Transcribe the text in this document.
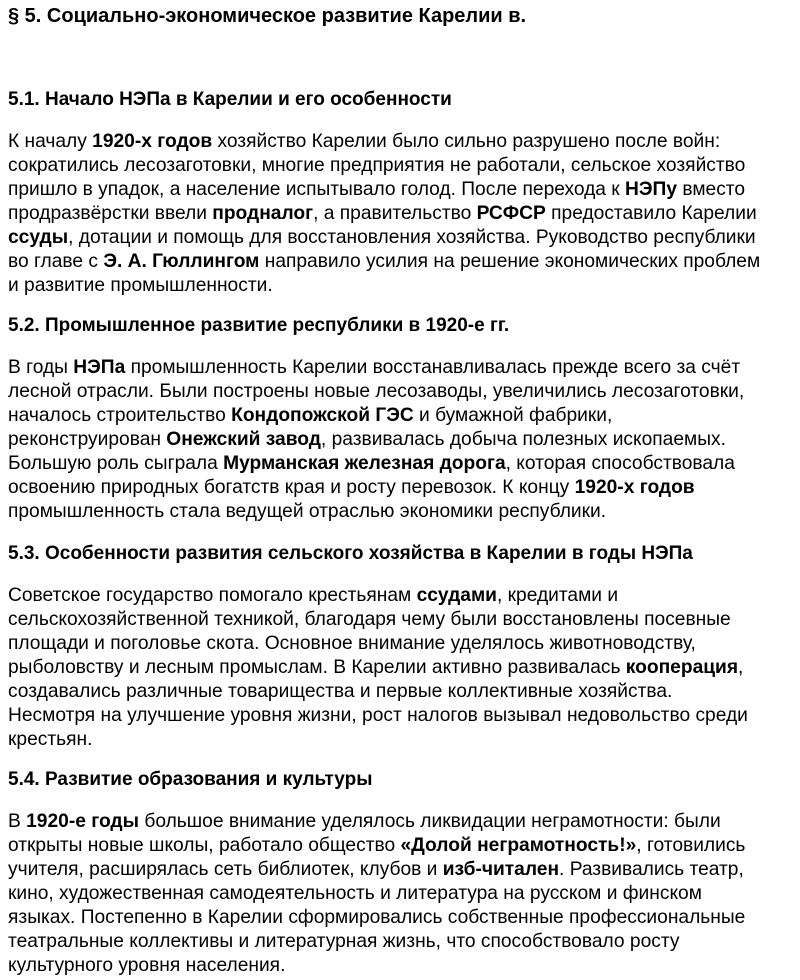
§ 5. Социально-экономическое развитие Карелии в.
5.1. Начало НЭПа в Карелии и его особенности

К началу 1920-х годов хозяйство Карелии было сильно разрушено после войн:
сократились лесозаготовки, многие предприятия не работали, сельское хозяйство
пришло в упадок, а население испытывало голод. После перехода к НЭПу вместо
продразвёрстки ввели продналог, а правительство РСФСР предоставило Карелии
ссуды, дотации и помощь для восстановления хозяйства. Руководство республики
во главе с Э. А. Гюллингом направило усилия на решение экономических проблем
и развитие промышленности.

5.2. Промышленное развитие республики в 1920-е гг.

В годы НЭПа промышленность Карелии восстанавливалась прежде всего за счёт
лесной отрасли. Были построены новые лесозаводы, увеличились лесозаготовки,
началось строительство Кондопожской ГЭС и бумажной фабрики,
реконструирован Онежский завод, развивалась добыча полезных ископаемых.
Большую роль сыграла Мурманская железная дорога, которая способствовала
освоению природных богатств края и росту перевозок. К концу 1920-х годов
промышленность стала ведущей отраслью экономики республики.

5.3. Особенности развития сельского хозяйства в Карелии в годы НЭПа

Советское государство помогало крестьянам ссудами, кредитами и
сельскохозяйственной техникой, благодаря чему были восстановлены посевные
площади и поголовье скота. Основное внимание уделялось животноводству,
рыболовству и лесным промыслам. В Карелии активно развивалась кооперация,
создавались различные товарищества и первые коллективные хозяйства.
Несмотря на улучшение уровня жизни, рост налогов вызывал недовольство среди
крестьян.

5.4. Развитие образования и культуры

В 1920-е годы большое внимание уделялось ликвидации неграмотности: были
открыты новые школы, работало общество «Долой неграмотность!», готовились
учителя, расширялась сеть библиотек, клубов и изб-читален. Развивались театр,
кино, художественная самодеятельность и литература на русском и финском
языках. Постепенно в Карелии сформировались собственные профессиональные
театральные коллективы и литературная жизнь, что способствовало росту
культурного уровня населения.
